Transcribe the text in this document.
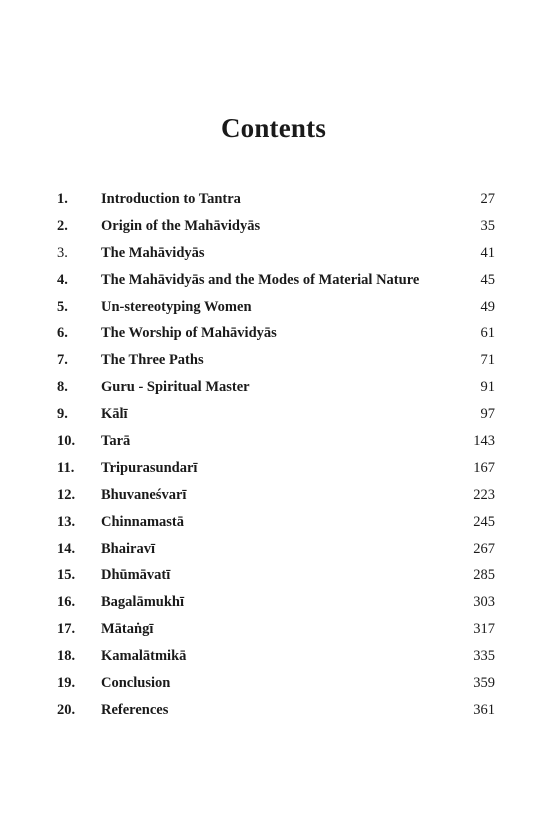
Contents
1. Introduction to Tantra	27
2. Origin of the Mahāvidyās	35
3. The Mahāvidyās	41
4. The Mahāvidyās and the Modes of Material Nature	45
5. Un-stereotyping Women	49
6. The Worship of Mahāvidyās	61
7. The Three Paths	71
8. Guru - Spiritual Master	91
9. Kālī	97
10. Tarā	143
11. Tripurasundarī	167
12. Bhuvaneśvarī	223
13. Chinnamastā	245
14. Bhairavī	267
15. Dhūmāvatī	285
16. Bagalāmukhī	303
17. Mātaṅgī	317
18. Kamalātmikā	335
19. Conclusion	359
20. References	361
